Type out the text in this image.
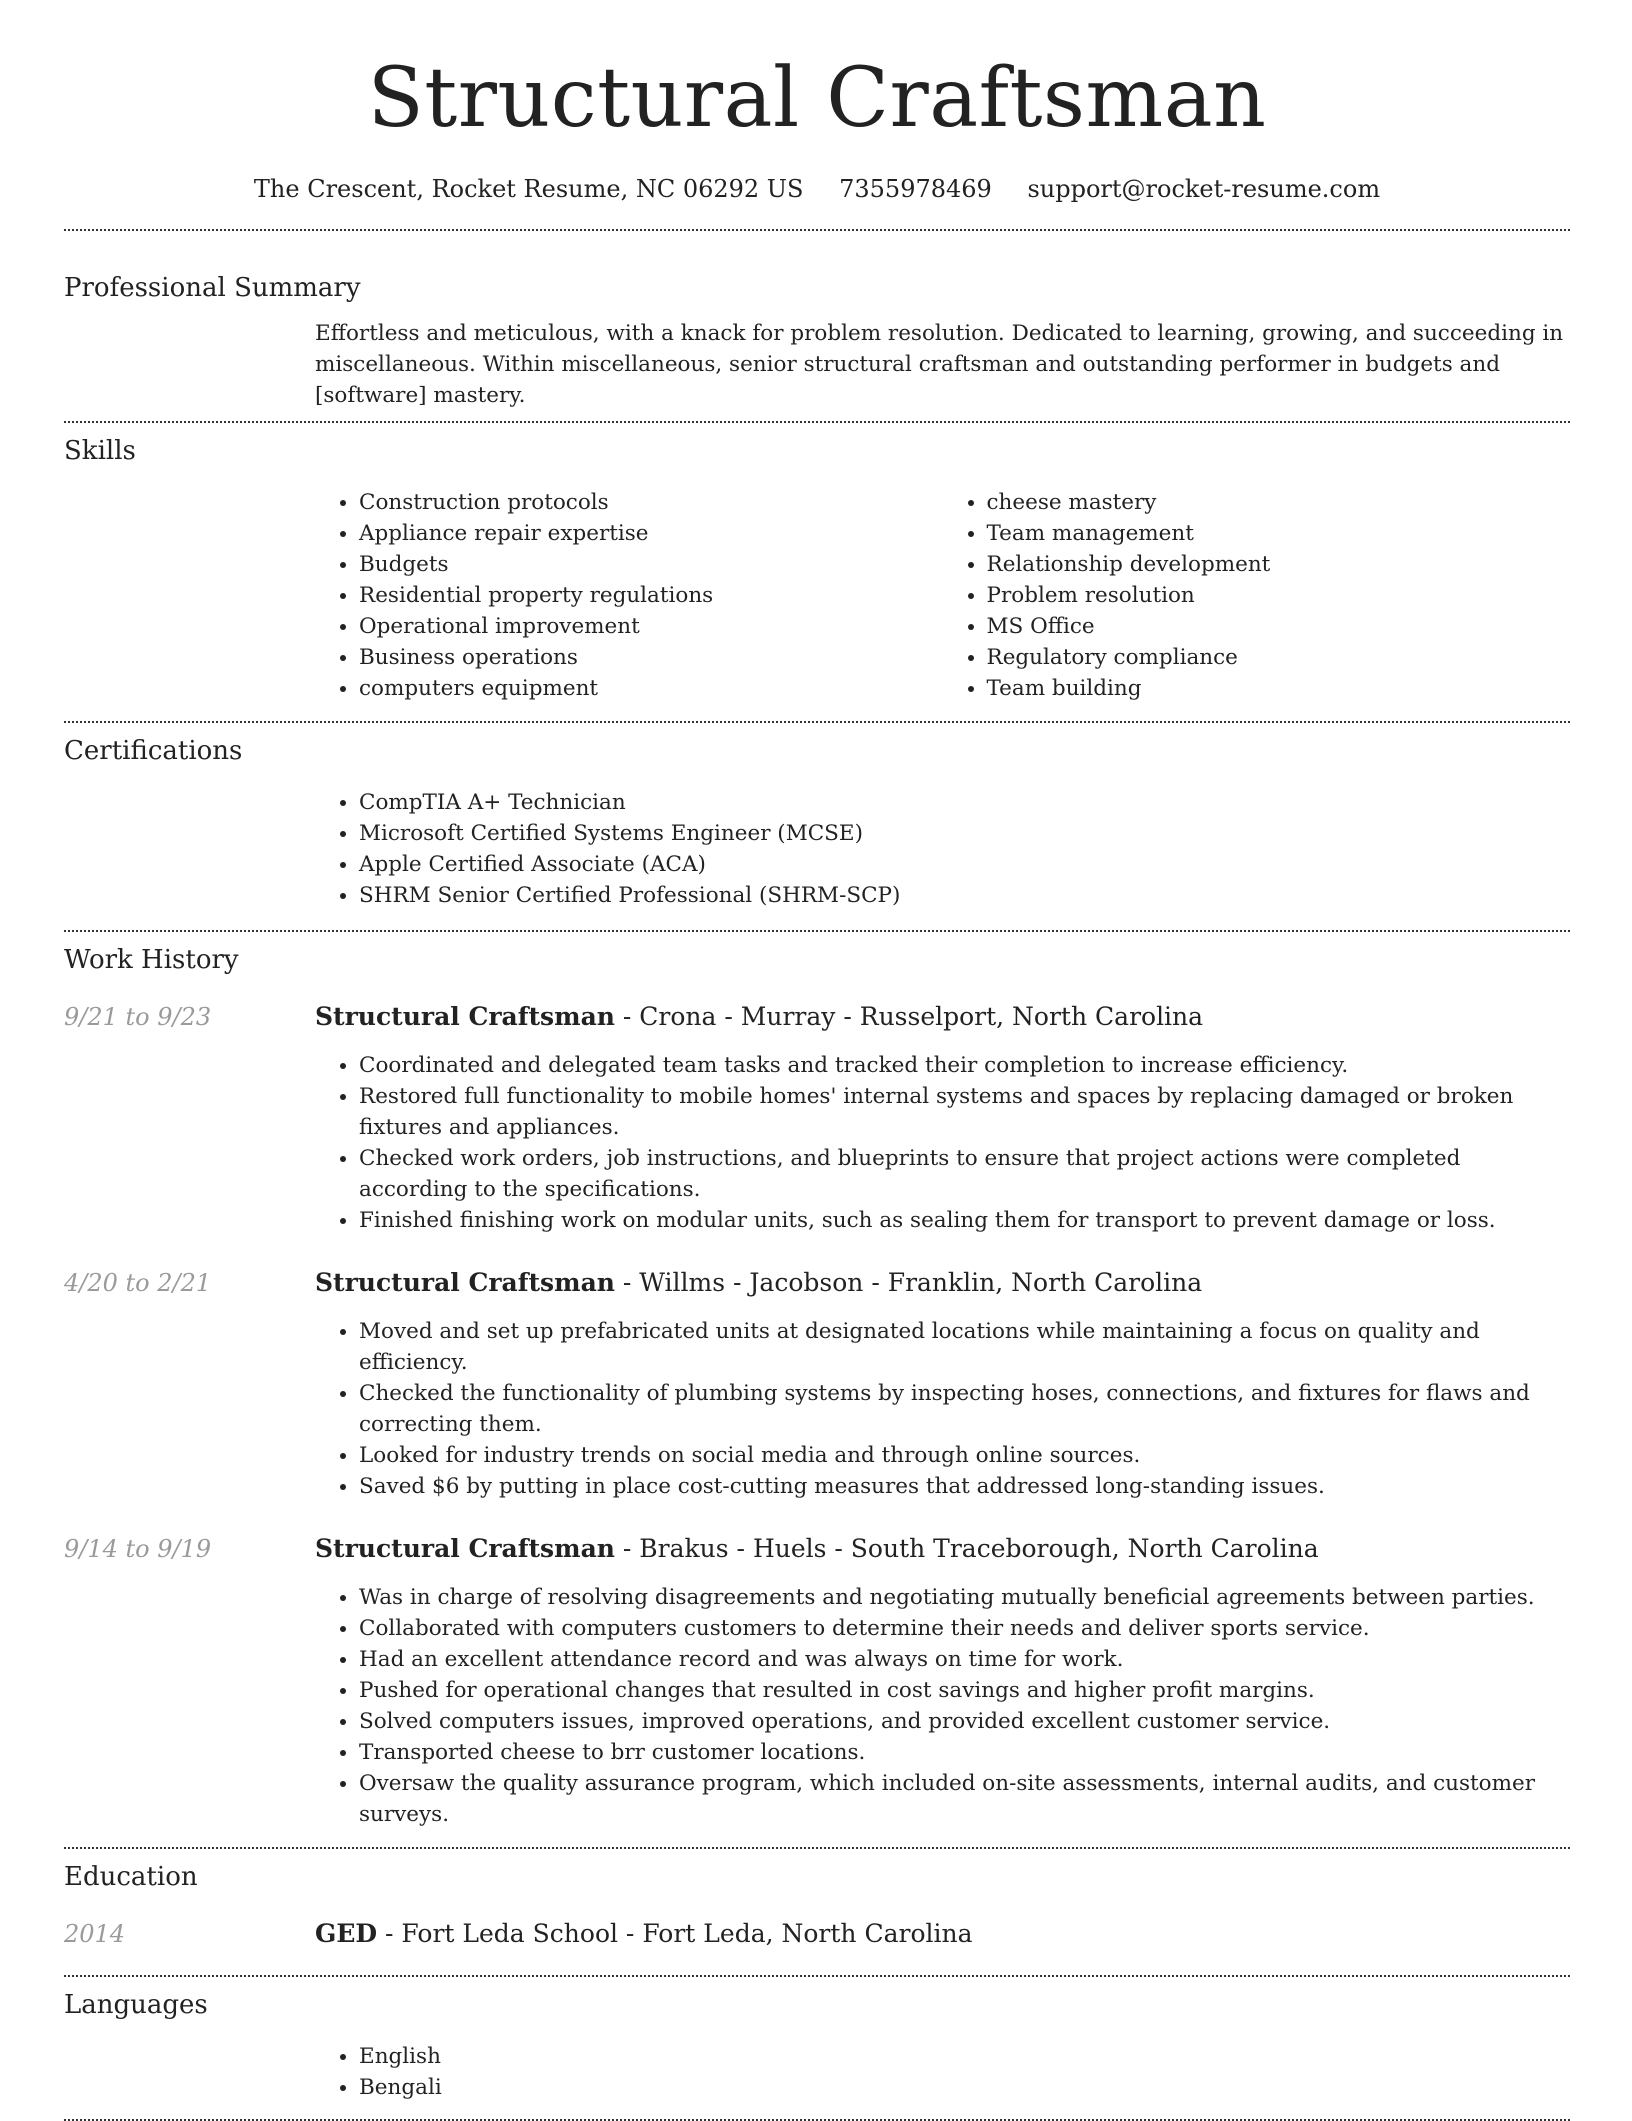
Structural Craftsman
The Crescent, Rocket Resume, NC 06292 US 7355978469 support@rocket-resume.com
Professional Summary
Effortless and meticulous, with a knack for problem resolution. Dedicated to learning, growing, and succeeding in miscellaneous. Within miscellaneous, senior structural craftsman and outstanding performer in budgets and [software] mastery.
Skills
• Construction protocols
• Appliance repair expertise
• Budgets
• Residential property regulations
• Operational improvement
• Business operations
• computers equipment
• cheese mastery
• Team management
• Relationship development
• Problem resolution
• MS Office
• Regulatory compliance
• Team building
Certifications
• CompTIA A+ Technician
• Microsoft Certified Systems Engineer (MCSE)
• Apple Certified Associate (ACA)
• SHRM Senior Certified Professional (SHRM-SCP)
Work History
9/21 to 9/23	Structural Craftsman - Crona - Murray - Russelport, North Carolina
• Coordinated and delegated team tasks and tracked their completion to increase efficiency.
• Restored full functionality to mobile homes' internal systems and spaces by replacing damaged or broken fixtures and appliances.
• Checked work orders, job instructions, and blueprints to ensure that project actions were completed according to the specifications.
• Finished finishing work on modular units, such as sealing them for transport to prevent damage or loss.
4/20 to 2/21	Structural Craftsman - Willms - Jacobson - Franklin, North Carolina
• Moved and set up prefabricated units at designated locations while maintaining a focus on quality and efficiency.
• Checked the functionality of plumbing systems by inspecting hoses, connections, and fixtures for flaws and correcting them.
• Looked for industry trends on social media and through online sources.
• Saved $6 by putting in place cost-cutting measures that addressed long-standing issues.
9/14 to 9/19	Structural Craftsman - Brakus - Huels - South Traceborough, North Carolina
• Was in charge of resolving disagreements and negotiating mutually beneficial agreements between parties.
• Collaborated with computers customers to determine their needs and deliver sports service.
• Had an excellent attendance record and was always on time for work.
• Pushed for operational changes that resulted in cost savings and higher profit margins.
• Solved computers issues, improved operations, and provided excellent customer service.
• Transported cheese to brr customer locations.
• Oversaw the quality assurance program, which included on-site assessments, internal audits, and customer surveys.
Education
2014	GED - Fort Leda School - Fort Leda, North Carolina
Languages
• English
• Bengali
